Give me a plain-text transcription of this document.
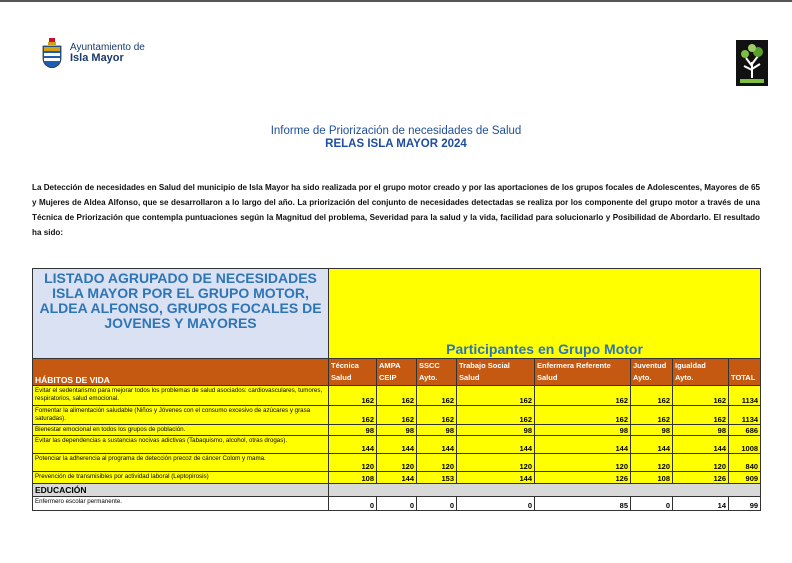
Ayuntamiento de
Isla Mayor
Informe de Priorización de necesidades de Salud
RELAS ISLA MAYOR 2024
La Detección de necesidades en Salud del municipio de Isla Mayor ha sido realizada por el grupo motor creado y por las aportaciones de los grupos focales de Adolescentes, Mayores de 65 y Mujeres de Aldea Alfonso, que se desarrollaron a lo largo del año. La priorización del conjunto de necesidades detectadas se realiza por los componente del grupo motor a través de una Técnica de Priorización que contempla puntuaciones según la Magnitud del problema, Severidad para la salud y la vida, facilidad para solucionarlo y Posibilidad de Abordarlo. El resultado ha sido:
LISTADO AGRUPADO DE NECESIDADES ISLA MAYOR POR EL GRUPO MOTOR, ALDEA ALFONSO, GRUPOS FOCALES DE JOVENES Y MAYORES	Participantes en Grupo Motor							
HÁBITOS DE VIDA	Técnica Salud	AMPA CEIP	SSCC Ayto.	Trabajo Social Salud	Enfermera Referente Salud	Juventud Ayto.	Igualdad Ayto.	TOTAL
Evitar el sedentarismo para mejorar todos los problemas de salud asociados: cardiovasculares, tumores, respiratorios, salud emocional.	162	162	162	162	162	162	162	1134
Fomentar la alimentación saludable (Niños y Jóvenes con el consumo excesivo de azúcares y grasa saturadas).	162	162	162	162	162	162	162	1134
Bienestar emocional en todos los grupos de población.	98	98	98	98	98	98	98	686
Evitar las dependencias a sustancias nocivas adictivas (Tabaquismo, alcohol, otras drogas).	144	144	144	144	144	144	144	1008
Potenciar la adherencia al programa de detección precoz de cáncer Colom y mama.	120	120	120	120	120	120	120	840
Prevención de transmisibles por actividad laboral (Leptopirosis)	108	144	153	144	126	108	126	909
EDUCACIÓN								
Enfermero escolar permanente.	0	0	0	0	85	0	14	99
